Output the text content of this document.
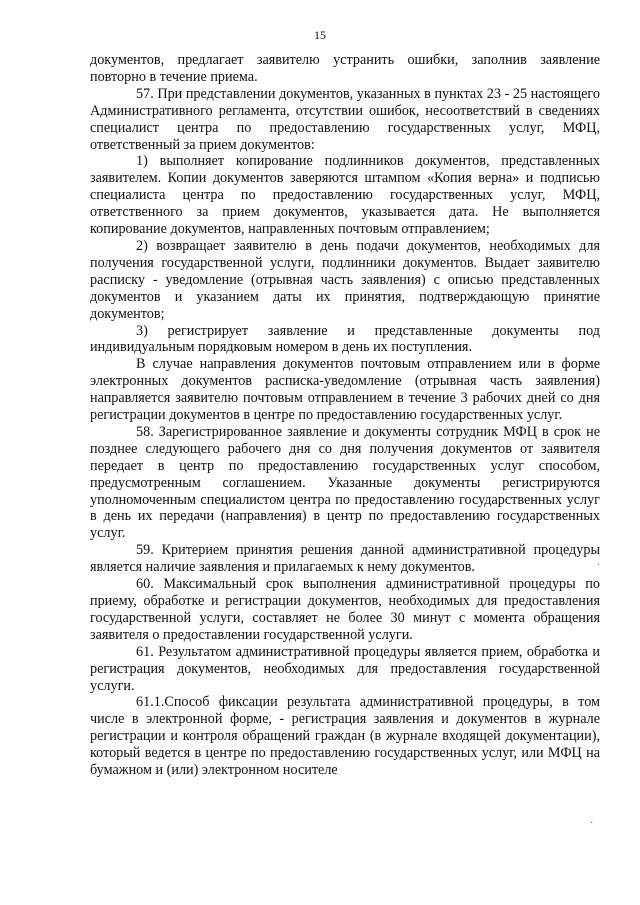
15

документов, предлагает заявителю устранить ошибки, заполнив заявление повторно в течение приема.

57. При представлении документов, указанных в пунктах 23 - 25 настоящего Административного регламента, отсутствии ошибок, несоответствий в сведениях специалист центра по предоставлению государственных услуг, МФЦ, ответственный за прием документов:

1) выполняет копирование подлинников документов, представленных заявителем. Копии документов заверяются штампом «Копия верна» и подписью специалиста центра по предоставлению государственных услуг, МФЦ, ответственного за прием документов, указывается дата. Не выполняется копирование документов, направленных почтовым отправлением;

2) возвращает заявителю в день подачи документов, необходимых для получения государственной услуги, подлинники документов. Выдает заявителю расписку - уведомление (отрывная часть заявления) с описью представленных документов и указанием даты их принятия, подтверждающую принятие документов;

3) регистрирует заявление и представленные документы под индивидуальным порядковым номером в день их поступления.

В случае направления документов почтовым отправлением или в форме электронных документов расписка-уведомление (отрывная часть заявления) направляется заявителю почтовым отправлением в течение 3 рабочих дней со дня регистрации документов в центре по предоставлению государственных услуг.

58. Зарегистрированное заявление и документы сотрудник МФЦ в срок не позднее следующего рабочего дня со дня получения документов от заявителя передает в центр по предоставлению государственных услуг способом, предусмотренным соглашением. Указанные документы регистрируются уполномоченным специалистом центра по предоставлению государственных услуг в день их передачи (направления) в центр по предоставлению государственных услуг.

59. Критерием принятия решения данной административной процедуры является наличие заявления и прилагаемых к нему документов.

60. Максимальный срок выполнения административной процедуры по приему, обработке и регистрации документов, необходимых для предоставления государственной услуги, составляет не более 30 минут с момента обращения заявителя о предоставлении государственной услуги.

61. Результатом административной процедуры является прием, обработка и регистрация документов, необходимых для предоставления государственной услуги.

61.1.Способ фиксации результата административной процедуры, в том числе в электронной форме, - регистрация заявления и документов в журнале регистрации и контроля обращений граждан (в журнале входящей документации), который ведется в центре по предоставлению государственных услуг, или МФЦ на бумажном и (или) электронном носителе

·
·
